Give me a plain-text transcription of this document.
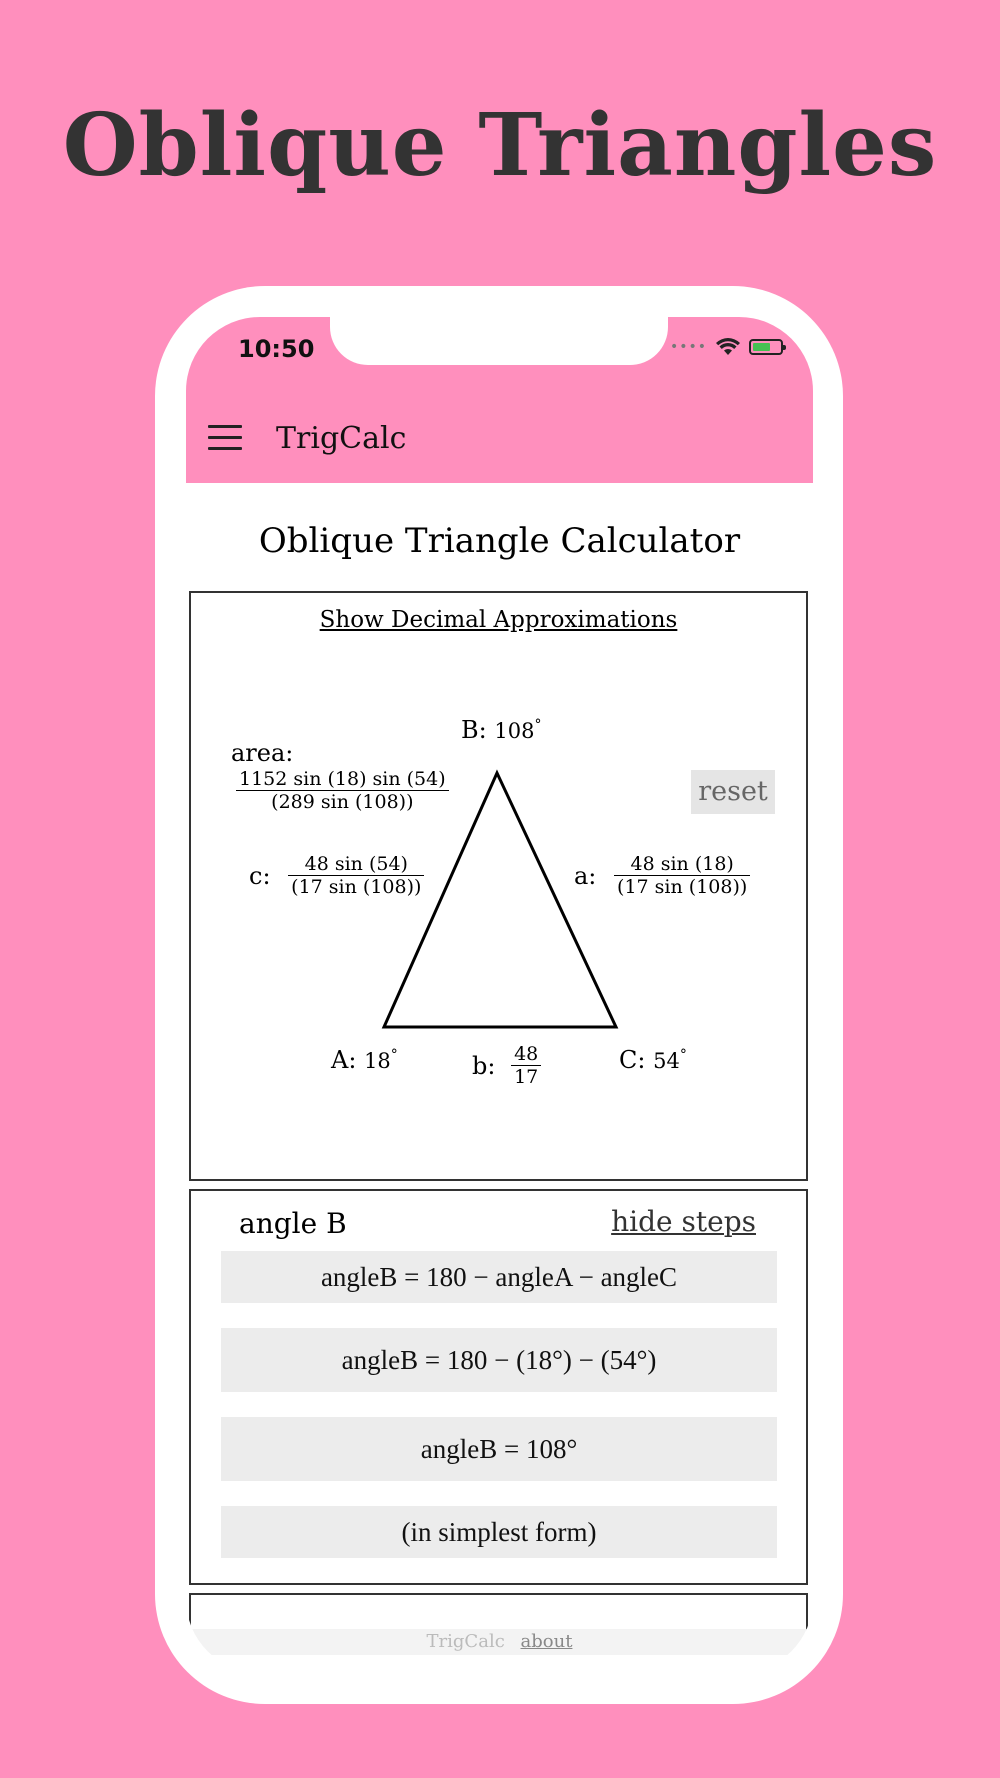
Oblique Triangles
10:50	••••
TrigCalc
Oblique Triangle Calculator
Show Decimal Approximations
B: 108°
area:
$\frac{1152 \sin (18) \sin (54)}{(289 \sin (108))}$	reset
c: $\frac{48 \sin (54)}{(17 \sin (108))}$	a: $\frac{48 \sin (18)}{(17 \sin (108))}$
A: 18°	b: $\frac{48}{17}$	C: 54°
angle B	hide steps
angleB = 180 − angleA − angleC
angleB = 180 − (18°) − (54°)
angleB = 108°
(in simplest form)
TrigCalc about
